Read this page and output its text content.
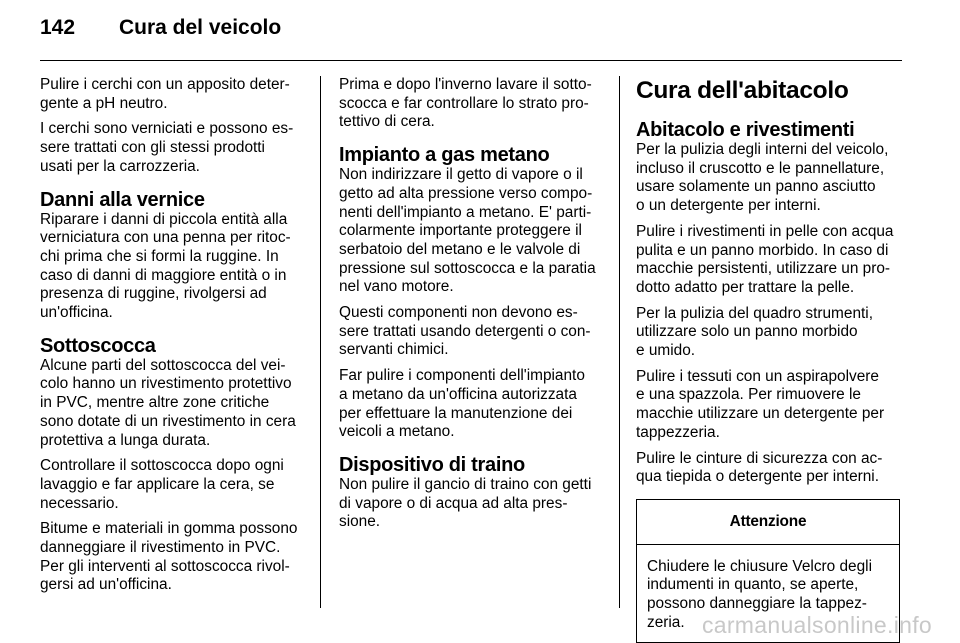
142	Cura del veicolo

Pulire i cerchi con un apposito deter-
gente a pH neutro.

I cerchi sono verniciati e possono es-
sere trattati con gli stessi prodotti
usati per la carrozzeria.

Danni alla vernice

Riparare i danni di piccola entità alla
verniciatura con una penna per ritoc-
chi prima che si formi la ruggine. In
caso di danni di maggiore entità o in
presenza di ruggine, rivolgersi ad
un'officina.

Sottoscocca

Alcune parti del sottoscocca del vei-
colo hanno un rivestimento protettivo
in PVC, mentre altre zone critiche
sono dotate di un rivestimento in cera
protettiva a lunga durata.

Controllare il sottoscocca dopo ogni
lavaggio e far applicare la cera, se
necessario.

Bitume e materiali in gomma possono
danneggiare il rivestimento in PVC.
Per gli interventi al sottoscocca rivol-
gersi ad un'officina.

Prima e dopo l'inverno lavare il sotto-
scocca e far controllare lo strato pro-
tettivo di cera.

Impianto a gas metano

Non indirizzare il getto di vapore o il
getto ad alta pressione verso compo-
nenti dell'impianto a metano. E' parti-
colarmente importante proteggere il
serbatoio del metano e le valvole di
pressione sul sottoscocca e la paratia
nel vano motore.

Questi componenti non devono es-
sere trattati usando detergenti o con-
servanti chimici.

Far pulire i componenti dell'impianto
a metano da un'officina autorizzata
per effettuare la manutenzione dei
veicoli a metano.

Dispositivo di traino

Non pulire il gancio di traino con getti
di vapore o di acqua ad alta pres-
sione.

Cura dell'abitacolo
Abitacolo e rivestimenti

Per la pulizia degli interni del veicolo,
incluso il cruscotto e le pannellature,
usare solamente un panno asciutto
o un detergente per interni.

Pulire i rivestimenti in pelle con acqua
pulita e un panno morbido. In caso di
macchie persistenti, utilizzare un pro-
dotto adatto per trattare la pelle.

Per la pulizia del quadro strumenti,
utilizzare solo un panno morbido
e umido.

Pulire i tessuti con un aspirapolvere
e una spazzola. Per rimuovere le
macchie utilizzare un detergente per
tappezzeria.

Pulire le cinture di sicurezza con ac-
qua tiepida o detergente per interni.

Attenzione
Chiudere le chiusure Velcro degli
indumenti in quanto, se aperte,
possono danneggiare la tappez-
zeria. carmanualsonline.info
